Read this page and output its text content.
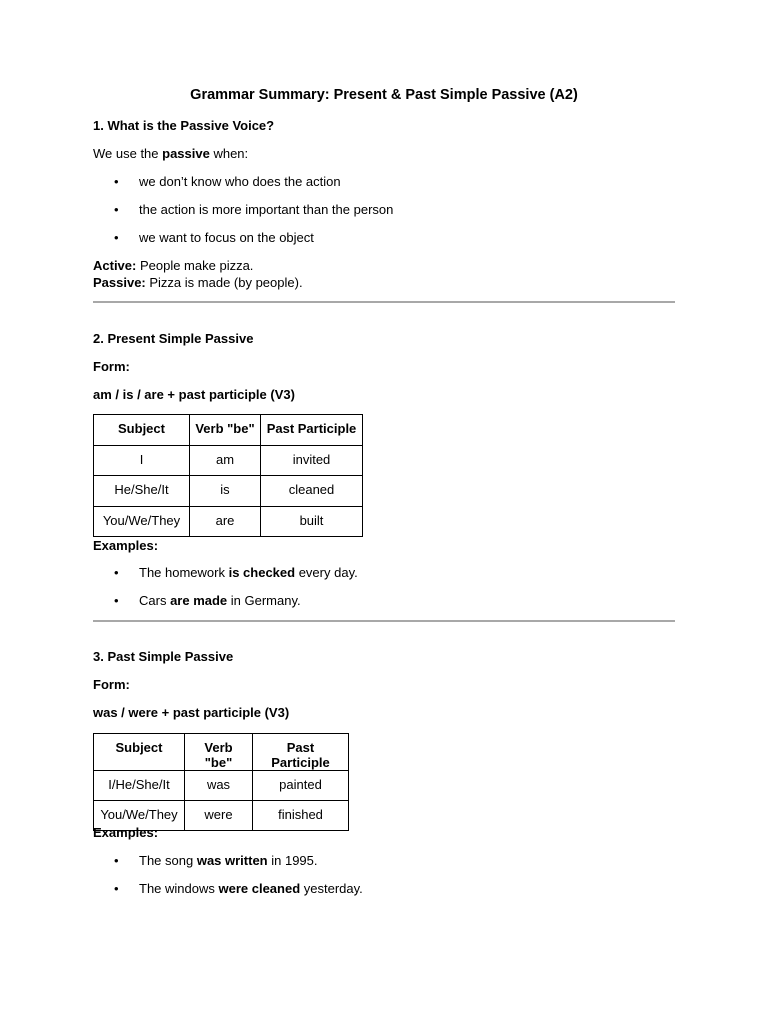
Grammar Summary: Present & Past Simple Passive (A2)
1. What is the Passive Voice?
We use the passive when:
• we don’t know who does the action
• the action is more important than the person
• we want to focus on the object
Active: People make pizza.
Passive: Pizza is made (by people).
2. Present Simple Passive
Form:
am / is / are + past participle (V3)
Subject	Verb "be"	Past Participle
I	am	invited
He/She/It	is	cleaned
You/We/They	are	built
Examples:
• The homework is checked every day.
• Cars are made in Germany.
3. Past Simple Passive
Form:
was / were + past participle (V3)
Subject	Verb "be"	Past Participle
I/He/She/It	was	painted
You/We/They	were	finished
Examples:
• The song was written in 1995.
• The windows were cleaned yesterday.
